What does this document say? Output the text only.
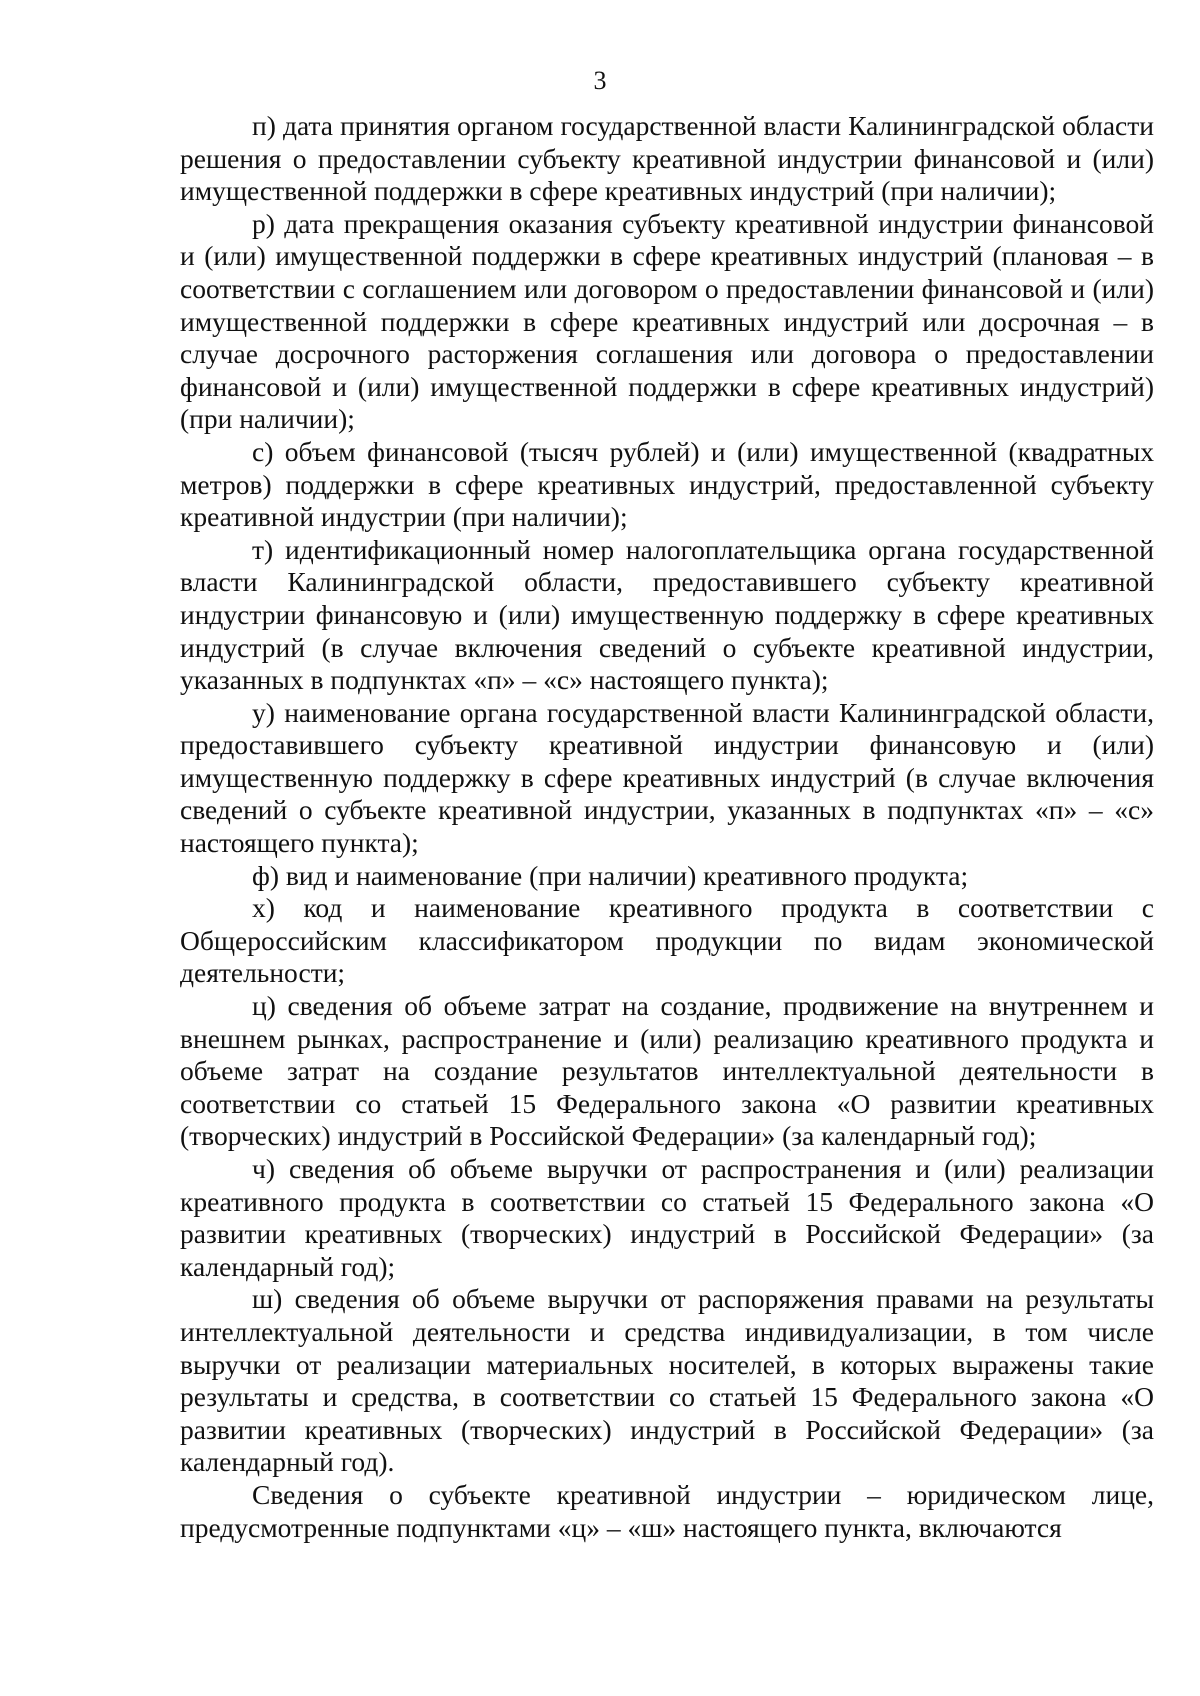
3

п) дата принятия органом государственной власти Калининградской области решения о предоставлении субъекту креативной индустрии финансовой и (или) имущественной поддержки в сфере креативных индустрий (при наличии);

р) дата прекращения оказания субъекту креативной индустрии финансовой и (или) имущественной поддержки в сфере креативных индустрий (плановая – в соответствии с соглашением или договором о предоставлении финансовой и (или) имущественной поддержки в сфере креативных индустрий или досрочная – в случае досрочного расторжения соглашения или договора о предоставлении финансовой и (или) имущественной поддержки в сфере креативных индустрий) (при наличии);

с) объем финансовой (тысяч рублей) и (или) имущественной (квадратных метров) поддержки в сфере креативных индустрий, предоставленной субъекту креативной индустрии (при наличии);

т) идентификационный номер налогоплательщика органа государственной власти Калининградской области, предоставившего субъекту креативной индустрии финансовую и (или) имущественную поддержку в сфере креативных индустрий (в случае включения сведений о субъекте креативной индустрии, указанных в подпунктах «п» – «с» настоящего пункта);

у) наименование органа государственной власти Калининградской области, предоставившего субъекту креативной индустрии финансовую и (или) имущественную поддержку в сфере креативных индустрий (в случае включения сведений о субъекте креативной индустрии, указанных в подпунктах «п» – «с» настоящего пункта);

ф) вид и наименование (при наличии) креативного продукта;

х) код и наименование креативного продукта в соответствии с Общероссийским классификатором продукции по видам экономической деятельности;

ц) сведения об объеме затрат на создание, продвижение на внутреннем и внешнем рынках, распространение и (или) реализацию креативного продукта и объеме затрат на создание результатов интеллектуальной деятельности в соответствии со статьей 15 Федерального закона «О развитии креативных (творческих) индустрий в Российской Федерации» (за календарный год);

ч) сведения об объеме выручки от распространения и (или) реализации креативного продукта в соответствии со статьей 15 Федерального закона «О развитии креативных (творческих) индустрий в Российской Федерации» (за календарный год);

ш) сведения об объеме выручки от распоряжения правами на результаты интеллектуальной деятельности и средства индивидуализации, в том числе выручки от реализации материальных носителей, в которых выражены такие результаты и средства, в соответствии со статьей 15 Федерального закона «О развитии креативных (творческих) индустрий в Российской Федерации» (за календарный год).

Сведения о субъекте креативной индустрии – юридическом лице, предусмотренные подпунктами «ц» – «ш» настоящего пункта, включаются
